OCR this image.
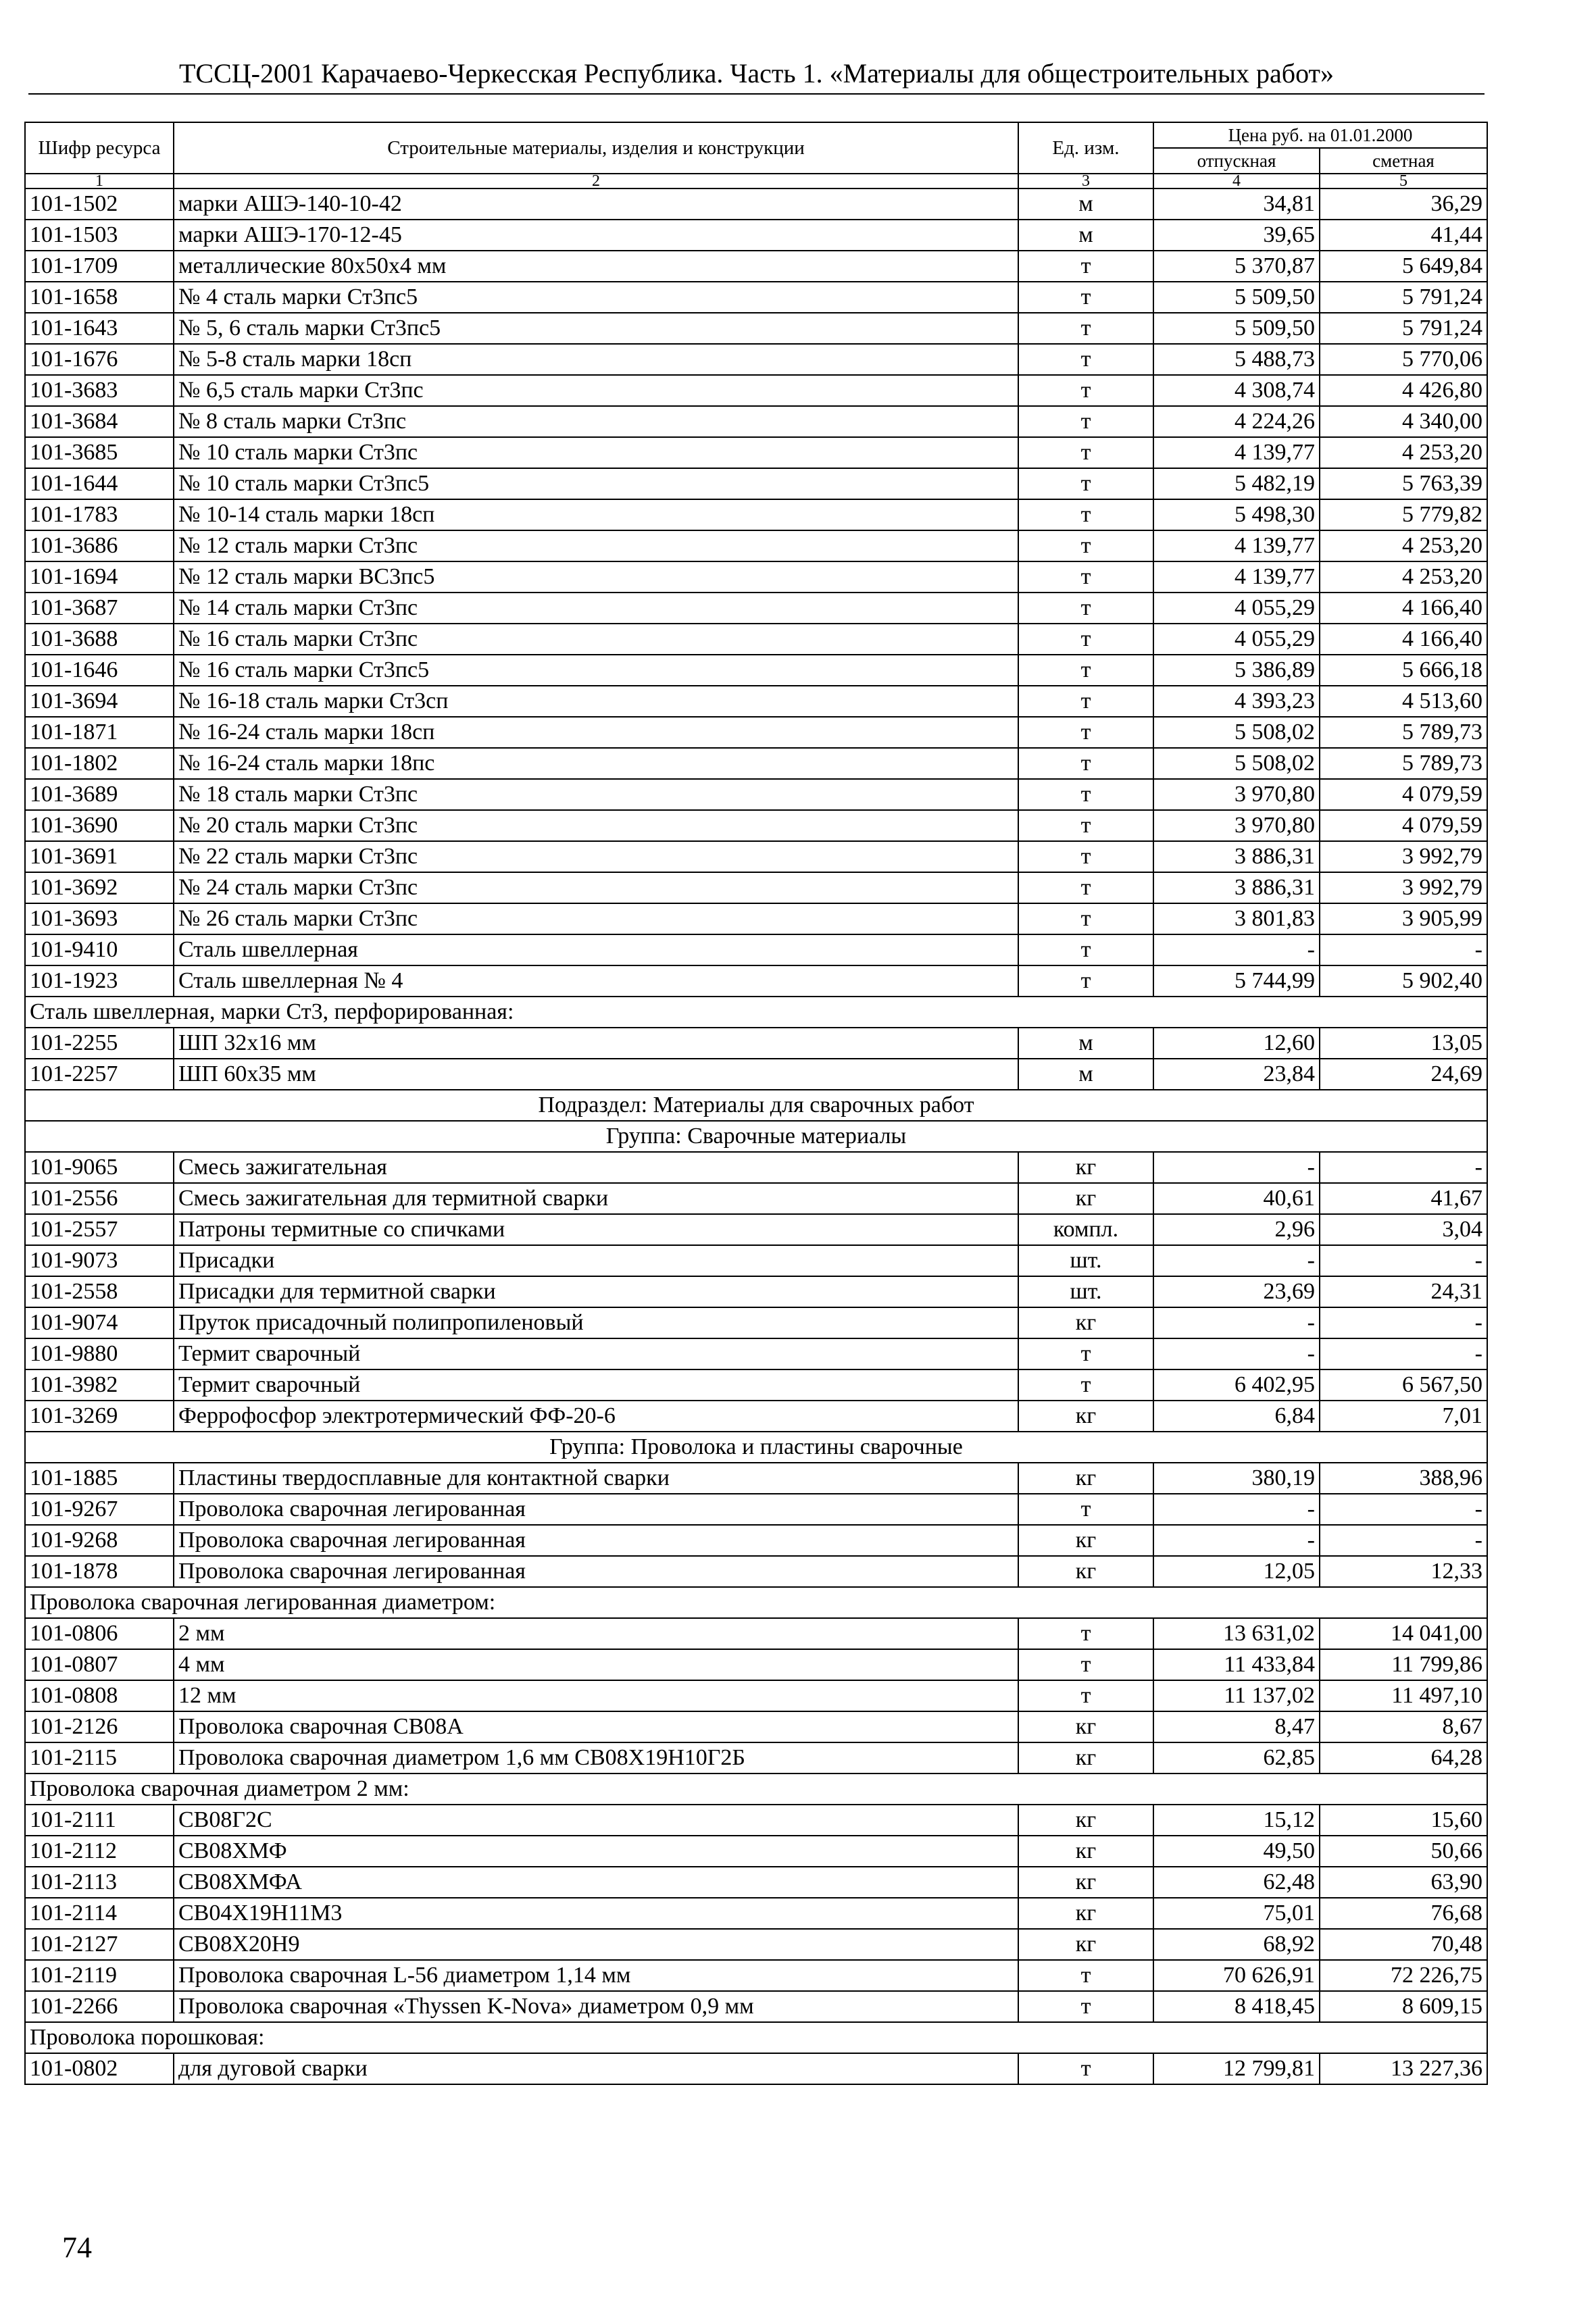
ТССЦ-2001 Карачаево-Черкесская Республика. Часть 1. «Материалы для общестроительных работ»
Шифр ресурса	Строительные материалы, изделия и конструкции	Ед. изм.	Цена руб. на 01.01.2000	
			отпускная	сметная
1	2	3	4	5
101-1502	марки АШЭ-140-10-42	м	34,81	36,29
101-1503	марки АШЭ-170-12-45	м	39,65	41,44
101-1709	металлические 80x50x4 мм	т	5 370,87	5 649,84
101-1658	№ 4 сталь марки Ст3пс5	т	5 509,50	5 791,24
101-1643	№ 5, 6 сталь марки Ст3пс5	т	5 509,50	5 791,24
101-1676	№ 5-8 сталь марки 18сп	т	5 488,73	5 770,06
101-3683	№ 6,5 сталь марки Ст3пс	т	4 308,74	4 426,80
101-3684	№ 8 сталь марки Ст3пс	т	4 224,26	4 340,00
101-3685	№ 10 сталь марки Ст3пс	т	4 139,77	4 253,20
101-1644	№ 10 сталь марки Ст3пс5	т	5 482,19	5 763,39
101-1783	№ 10-14 сталь марки 18сп	т	5 498,30	5 779,82
101-3686	№ 12 сталь марки Ст3пс	т	4 139,77	4 253,20
101-1694	№ 12 сталь марки ВС3пс5	т	4 139,77	4 253,20
101-3687	№ 14 сталь марки Ст3пс	т	4 055,29	4 166,40
101-3688	№ 16 сталь марки Ст3пс	т	4 055,29	4 166,40
101-1646	№ 16 сталь марки Ст3пс5	т	5 386,89	5 666,18
101-3694	№ 16-18 сталь марки Ст3сп	т	4 393,23	4 513,60
101-1871	№ 16-24 сталь марки 18сп	т	5 508,02	5 789,73
101-1802	№ 16-24 сталь марки 18пс	т	5 508,02	5 789,73
101-3689	№ 18 сталь марки Ст3пс	т	3 970,80	4 079,59
101-3690	№ 20 сталь марки Ст3пс	т	3 970,80	4 079,59
101-3691	№ 22 сталь марки Ст3пс	т	3 886,31	3 992,79
101-3692	№ 24 сталь марки Ст3пс	т	3 886,31	3 992,79
101-3693	№ 26 сталь марки Ст3пс	т	3 801,83	3 905,99
101-9410	Сталь швеллерная	т	-	-
101-1923	Сталь швеллерная № 4	т	5 744,99	5 902,40
Сталь швеллерная, марки Ст3, перфорированная:				
101-2255	ШП 32x16 мм	м	12,60	13,05
101-2257	ШП 60x35 мм	м	23,84	24,69
Подраздел: Материалы для сварочных работ				
Группа: Сварочные материалы				
101-9065	Смесь зажигательная	кг	-	-
101-2556	Смесь зажигательная для термитной сварки	кг	40,61	41,67
101-2557	Патроны термитные со спичками	компл.	2,96	3,04
101-9073	Присадки	шт.	-	-
101-2558	Присадки для термитной сварки	шт.	23,69	24,31
101-9074	Пруток присадочный полипропиленовый	кг	-	-
101-9880	Термит сварочный	т	-	-
101-3982	Термит сварочный	т	6 402,95	6 567,50
101-3269	Феррофосфор электротермический ФФ-20-6	кг	6,84	7,01
Группа: Проволока и пластины сварочные				
101-1885	Пластины твердосплавные для контактной сварки	кг	380,19	388,96
101-9267	Проволока сварочная легированная	т	-	-
101-9268	Проволока сварочная легированная	кг	-	-
101-1878	Проволока сварочная легированная	кг	12,05	12,33
Проволока сварочная легированная диаметром:				
101-0806	2 мм	т	13 631,02	14 041,00
101-0807	4 мм	т	11 433,84	11 799,86
101-0808	12 мм	т	11 137,02	11 497,10
101-2126	Проволока сварочная СВ08А	кг	8,47	8,67
101-2115	Проволока сварочная диаметром 1,6 мм СВ08Х19Н10Г2Б	кг	62,85	64,28
Проволока сварочная диаметром 2 мм:				
101-2111	СВ08Г2С	кг	15,12	15,60
101-2112	СВ08ХМФ	кг	49,50	50,66
101-2113	СВ08ХМФА	кг	62,48	63,90
101-2114	СВ04Х19Н11М3	кг	75,01	76,68
101-2127	СВ08Х20Н9	кг	68,92	70,48
101-2119	Проволока сварочная L-56 диаметром 1,14 мм	т	70 626,91	72 226,75
101-2266	Проволока сварочная «Thyssen K-Nova» диаметром 0,9 мм	т	8 418,45	8 609,15
Проволока порошковая:				
101-0802	для дуговой сварки	т	12 799,81	13 227,36
74
